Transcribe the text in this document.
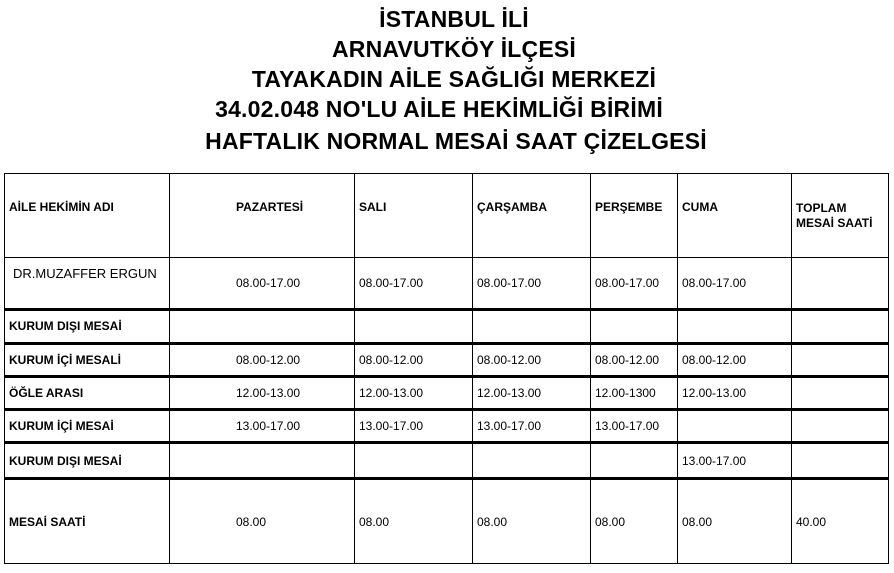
İSTANBUL İLİ
ARNAVUTKÖY İLÇESİ
TAYAKADIN AİLE SAĞLIĞI MERKEZİ
34.02.048 NO'LU AİLE HEKİMLİĞİ BİRİMİ
HAFTALIK NORMAL MESAİ SAAT ÇİZELGESİ
AİLE HEKİMİN ADI	PAZARTESİ	SALI	ÇARŞAMBA	PERŞEMBE	CUMA	TOPLAM
MESAİ SAATİ
DR.MUZAFFER ERGUN	08.00-17.00	08.00-17.00	08.00-17.00	08.00-17.00	08.00-17.00	
KURUM DIŞI MESAİ						
KURUM İÇİ MESALİ	08.00-12.00	08.00-12.00	08.00-12.00	08.00-12.00	08.00-12.00	
ÖĞLE ARASI	12.00-13.00	12.00-13.00	12.00-13.00	12.00-1300	12.00-13.00	
KURUM İÇİ MESAİ	13.00-17.00	13.00-17.00	13.00-17.00	13.00-17.00		
KURUM DIŞI MESAİ					13.00-17.00	
MESAİ SAATİ	08.00	08.00	08.00	08.00	08.00	40.00
